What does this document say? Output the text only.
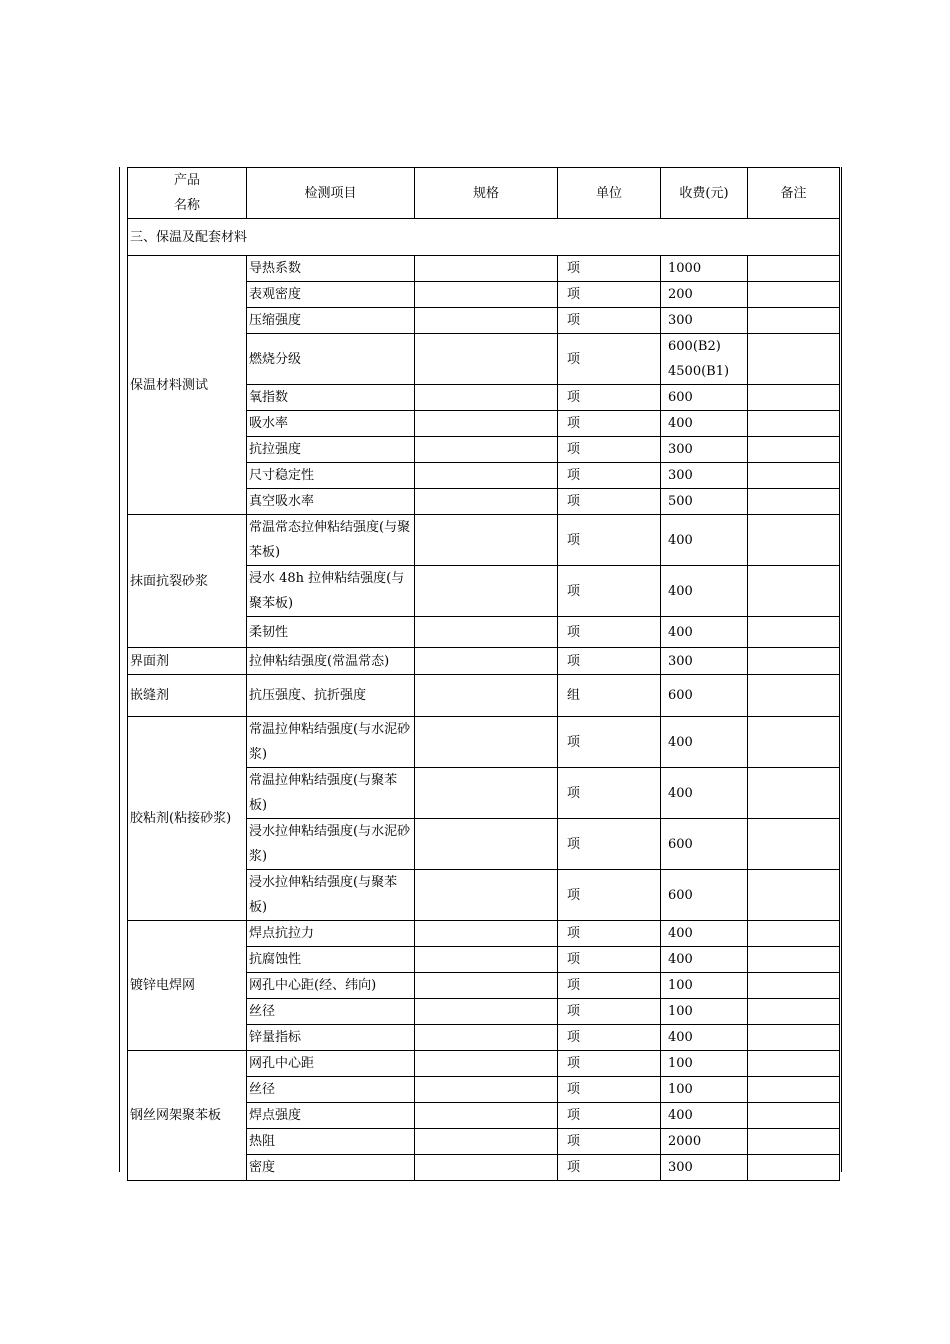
产品
名称	检测项目	规格	单位	收费(元)	备注
三、保温及配套材料					
保温材料测试	导热系数		项	1000	
	表观密度		项	200	
	压缩强度		项	300	
	燃烧分级		项	600(B2)
4500(B1)	
	氧指数		项	600	
	吸水率		项	400	
	抗拉强度		项	300	
	尺寸稳定性		项	300	
	真空吸水率		项	500	
抹面抗裂砂浆	常温常态拉伸粘结强度(与聚苯板)		项	400	
	浸水 48h 拉伸粘结强度(与聚苯板)		项	400	
	柔韧性		项	400	
界面剂	拉伸粘结强度(常温常态)		项	300	
嵌缝剂	抗压强度、抗折强度		组	600	
胶粘剂(粘接砂浆)	常温拉伸粘结强度(与水泥砂浆)		项	400	
	常温拉伸粘结强度(与聚苯板)		项	400	
	浸水拉伸粘结强度(与水泥砂浆)		项	600	
	浸水拉伸粘结强度(与聚苯板)		项	600	
镀锌电焊网	焊点抗拉力		项	400	
	抗腐蚀性		项	400	
	网孔中心距(经、纬向)		项	100	
	丝径		项	100	
	锌量指标		项	400	
钢丝网架聚苯板	网孔中心距		项	100	
	丝径		项	100	
	焊点强度		项	400	
	热阻		项	2000	
	密度		项	300	
